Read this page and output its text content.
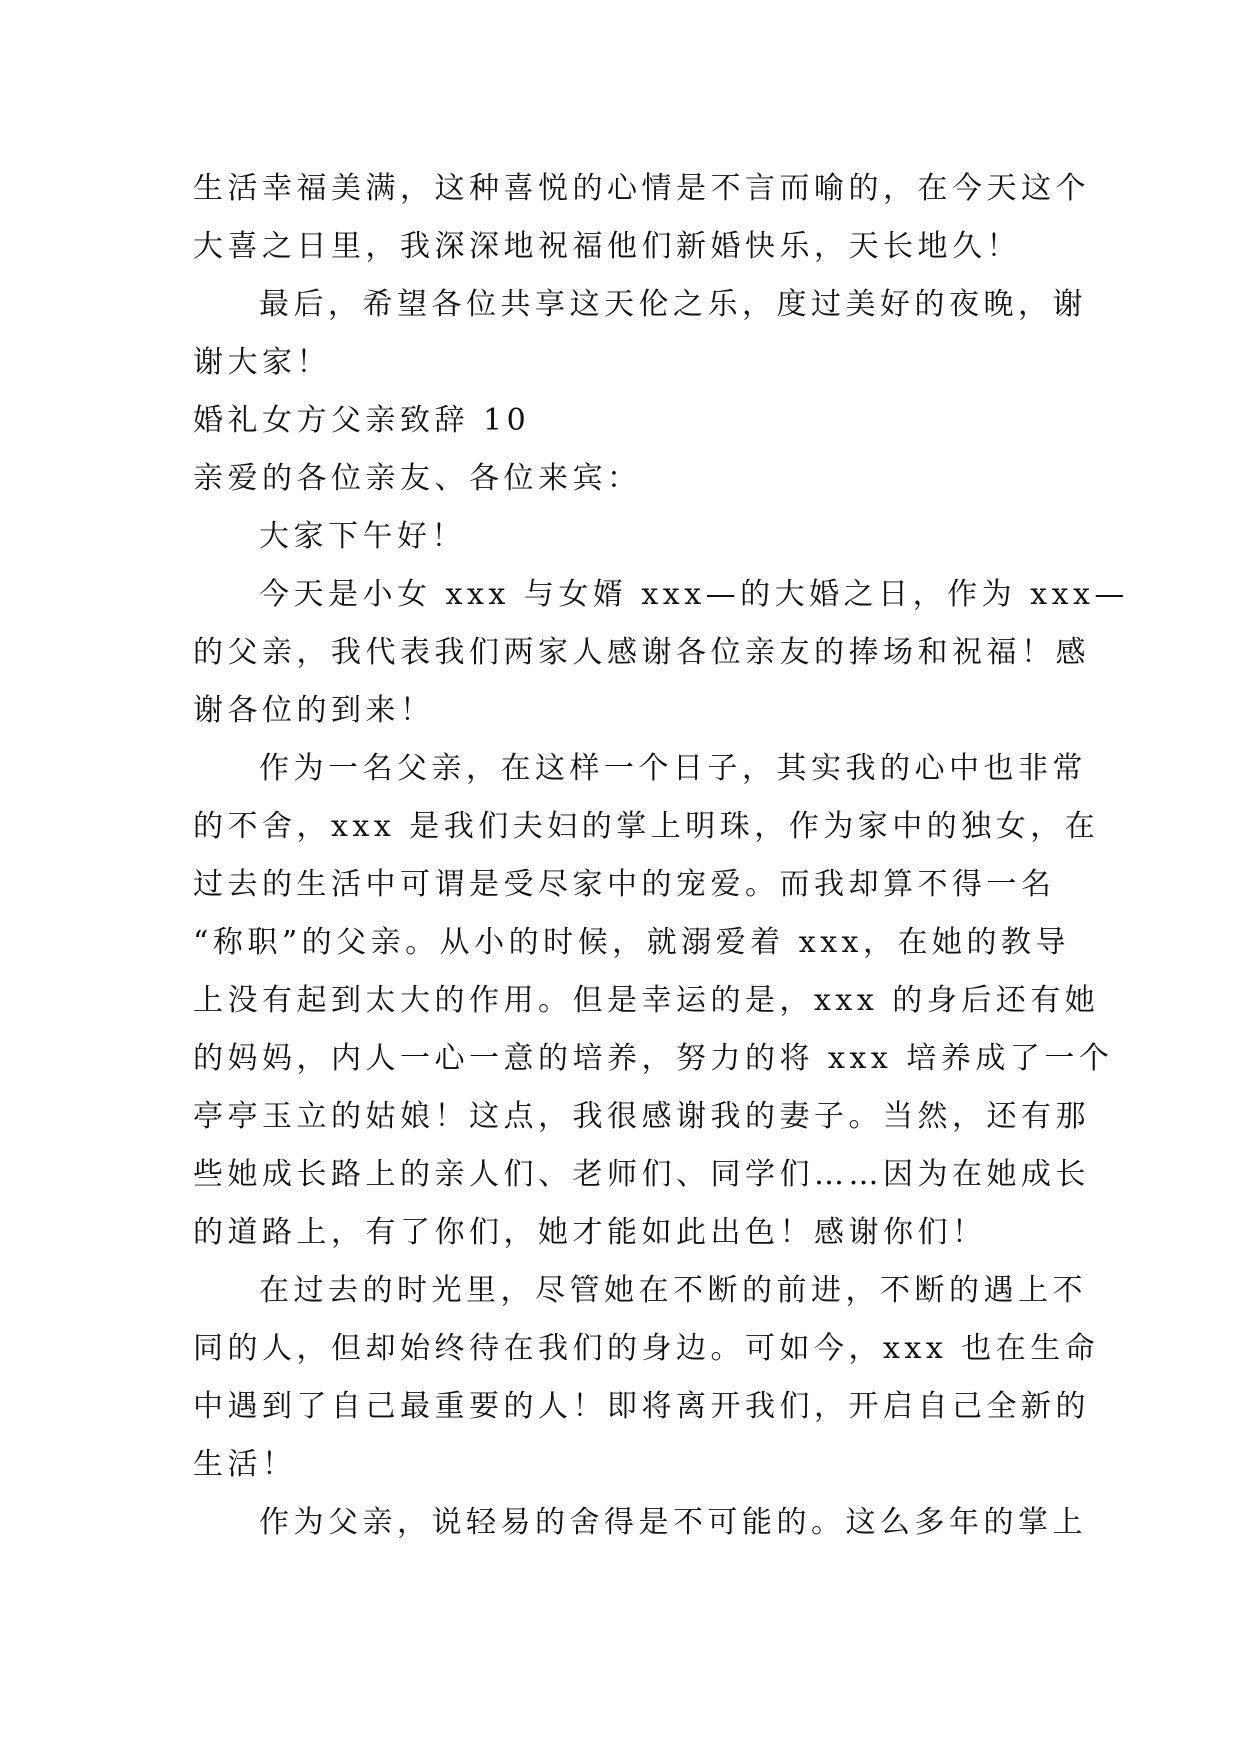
生活幸福美满，这种喜悦的心情是不言而喻的，在今天这个

大喜之日里，我深深地祝福他们新婚快乐，天长地久！

最后，希望各位共享这天伦之乐，度过美好的夜晚，谢

谢大家！

婚礼女方父亲致辞 10

亲爱的各位亲友、各位来宾：

大家下午好！

今天是小女 xxx 与女婿 xxx—的大婚之日，作为 xxx—

的父亲，我代表我们两家人感谢各位亲友的捧场和祝福！感

谢各位的到来！

作为一名父亲，在这样一个日子，其实我的心中也非常

的不舍，xxx 是我们夫妇的掌上明珠，作为家中的独女，在

过去的生活中可谓是受尽家中的宠爱。而我却算不得一名

“称职”的父亲。从小的时候，就溺爱着 xxx，在她的教导

上没有起到太大的作用。但是幸运的是，xxx 的身后还有她

的妈妈，内人一心一意的培养，努力的将 xxx 培养成了一个

亭亭玉立的姑娘！这点，我很感谢我的妻子。当然，还有那

些她成长路上的亲人们、老师们、同学们……因为在她成长

的道路上，有了你们，她才能如此出色！感谢你们！

在过去的时光里，尽管她在不断的前进，不断的遇上不

同的人，但却始终待在我们的身边。可如今，xxx 也在生命

中遇到了自己最重要的人！即将离开我们，开启自己全新的

生活！

作为父亲，说轻易的舍得是不可能的。这么多年的掌上
